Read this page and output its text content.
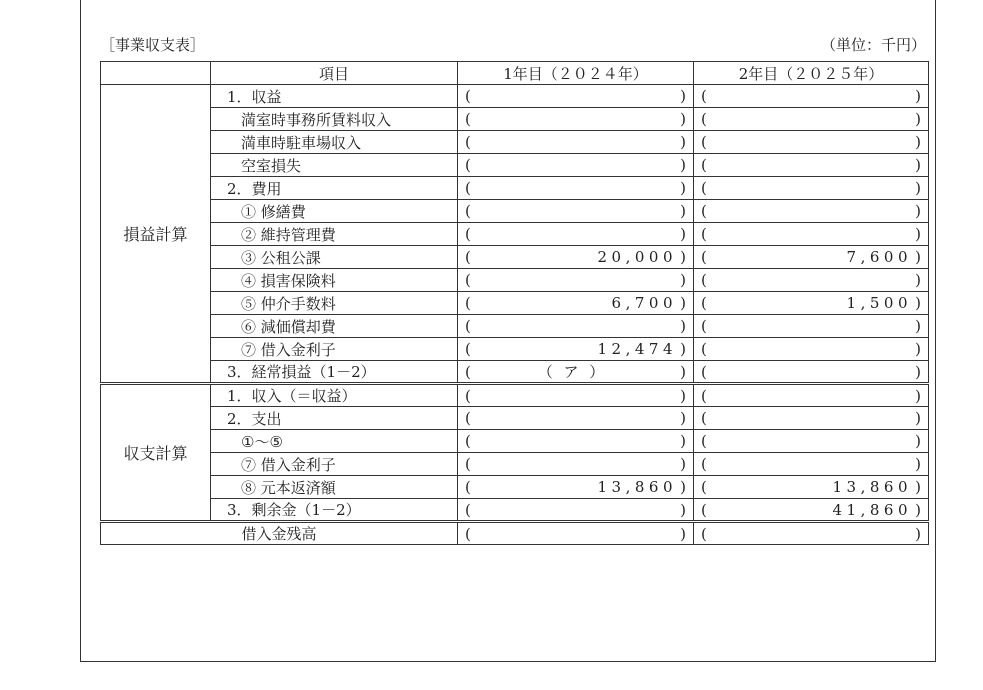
［事業収支表］	（単位：千円）
	項目	1年目（２０２４年）	2年目（２０２５年）
損益計算	1．収益	( )	( )

	満室時事務所賃料収入	( )	( )

	満車時駐車場収入	( )	( )

	空室損失	( )	( )

	2．費用	( )	( )

	① 修繕費	( )	( )

	② 維持管理費	( )	( )

	③ 公租公課	( 20,000 )	( 7,600 )

	④ 損害保険料	( )	( )

	⑤ 仲介手数料	( 6,700 )	( 1,500 )

	⑥ 減価償却費	( )	( )

	⑦ 借入金利子	( 12,474 )	( )

	3．経常損益（1－2）	( （ ア ） )	( )

収支計算	1．収入（＝収益）	( )	( )

	2．支出	( )	( )

	①～⑤	( )	( )

	⑦ 借入金利子	( )	( )

	⑧ 元本返済額	( 13,860 )	( 13,860 )

	3．剰余金（1－2）	( )	( 41,860 )

借入金残高		( )	( )
